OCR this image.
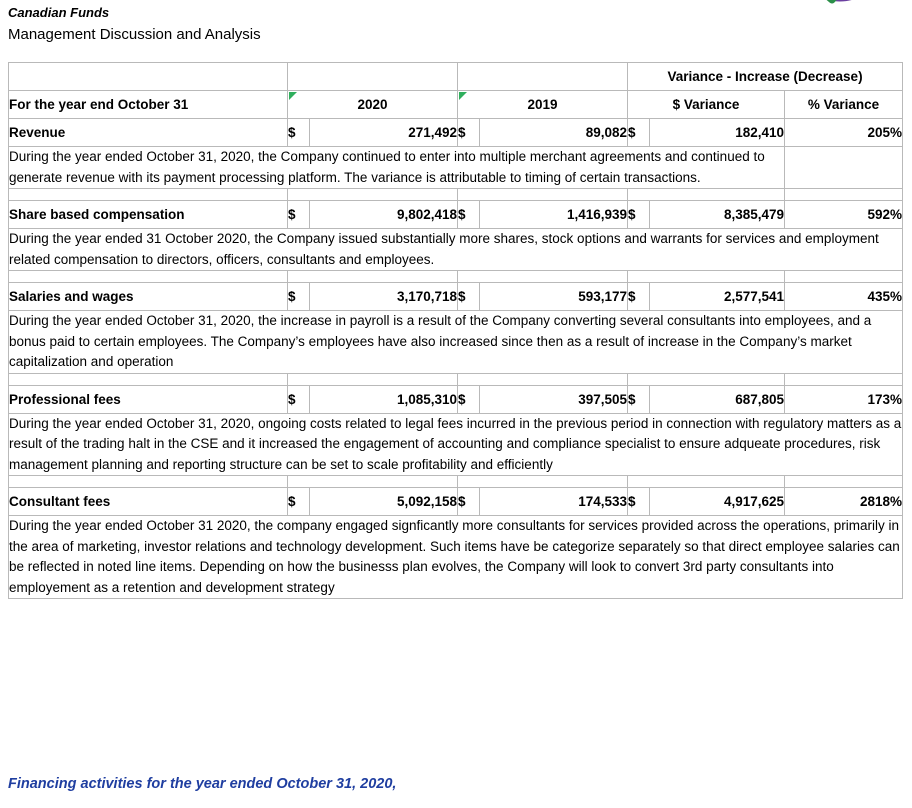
Canadian Funds
Management Discussion and Analysis
					Variance - Increase (Decrease)		
For the year end October 31	2020		2019		$ Variance		% Variance
Revenue	$	271,492	$	89,082	$	182,410	205%
During the year ended October 31, 2020, the Company continued to enter into multiple merchant agreements and continued to generate revenue with its payment processing platform. The variance is attributable to timing of certain transactions.							

Share based compensation	$	9,802,418	$	1,416,939	$	8,385,479	592%
During the year ended 31 October 2020, the Company issued substantially more shares, stock options and warrants for services and employment related compensation to directors, officers, consultants and employees.							

Salaries and wages	$	3,170,718	$	593,177	$	2,577,541	435%
During the year ended October 31, 2020, the increase in payroll is a result of the Company converting several consultants into employees, and a bonus paid to certain employees. The Company’s employees have also increased since then as a result of increase in the Company’s market capitalization and operation							

Professional fees	$	1,085,310	$	397,505	$	687,805	173%
During the year ended October 31, 2020, ongoing costs related to legal fees incurred in the previous period in connection with regulatory matters as a result of the trading halt in the CSE and it increased the engagement of accounting and compliance specialist to ensure adqueate procedures, risk management planning and reporting structure can be set to scale profitability and efficiently							

Consultant fees	$	5,092,158	$	174,533	$	4,917,625	2818%
During the year ended October 31 2020, the company engaged signficantly more consultants for services provided across the operations, primarily in the area of marketing, investor relations and technology development. Such items have be categorize separately so that direct employee salaries can be reflected in noted line items. Depending on how the businesss plan evolves, the Company will look to convert 3rd party consultants into employement as a retention and development strategy							
Financing activities for the year ended October 31, 2020,
